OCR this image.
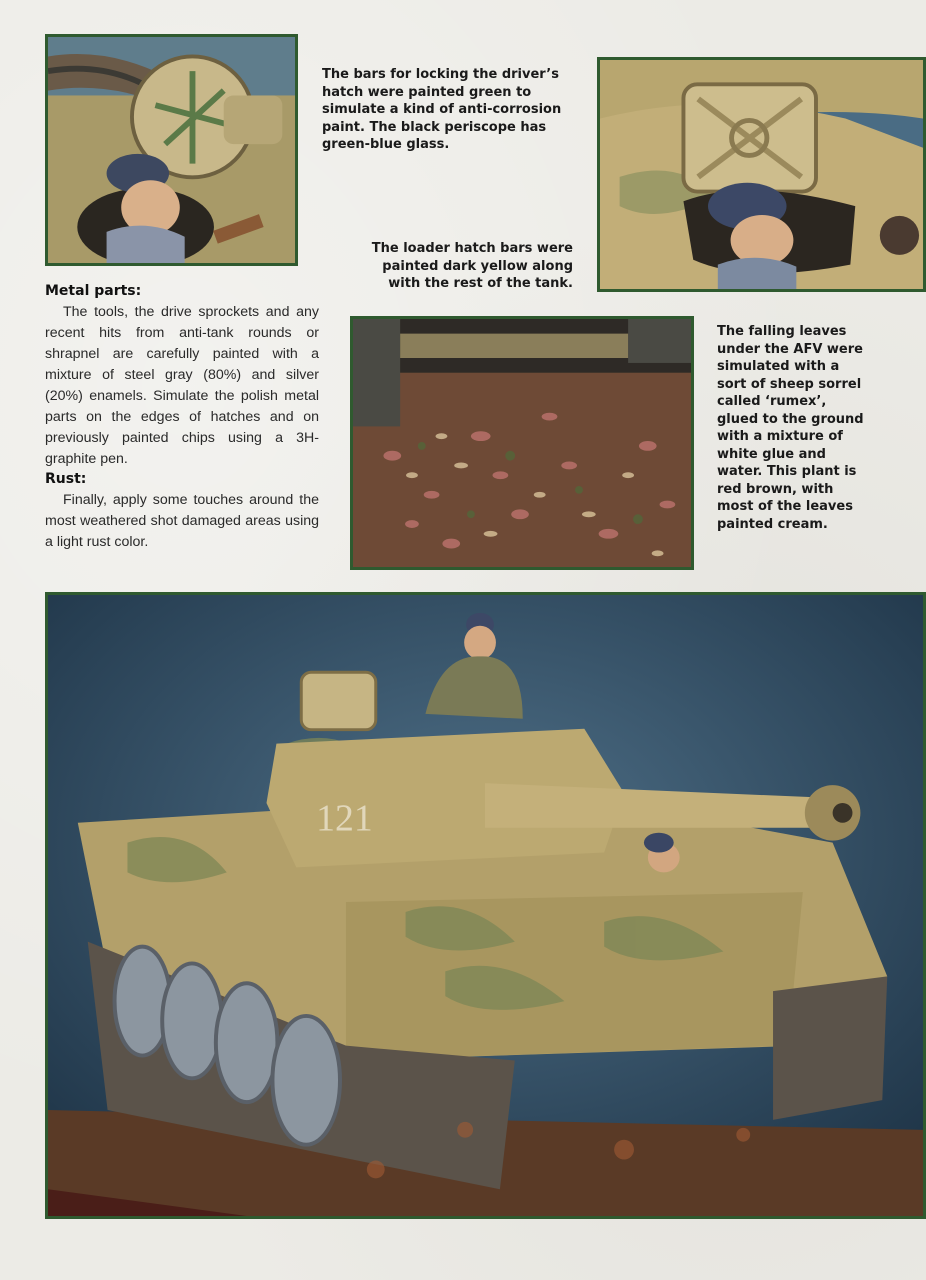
The bars for locking the driver’s hatch were painted green to simulate a kind of anti-corrosion paint. The black periscope has green-blue glass.

The loader hatch bars were painted dark yellow along with the rest of the tank.

Metal parts:

The tools, the drive sprockets and any recent hits from anti-tank rounds or shrapnel are carefully painted with a mixture of steel gray (80%) and silver (20%) enamels. Simulate the polish metal parts on the edges of hatches and on previously painted chips using a 3H-graphite pen.

Rust:

Finally, apply some touches around the most weathered shot damaged areas using a light rust color.

The falling leaves under the AFV were simulated with a sort of sheep sorrel called ‘rumex’, glued to the ground with a mixture of white glue and water. This plant is red brown, with most of the leaves painted cream.

121
